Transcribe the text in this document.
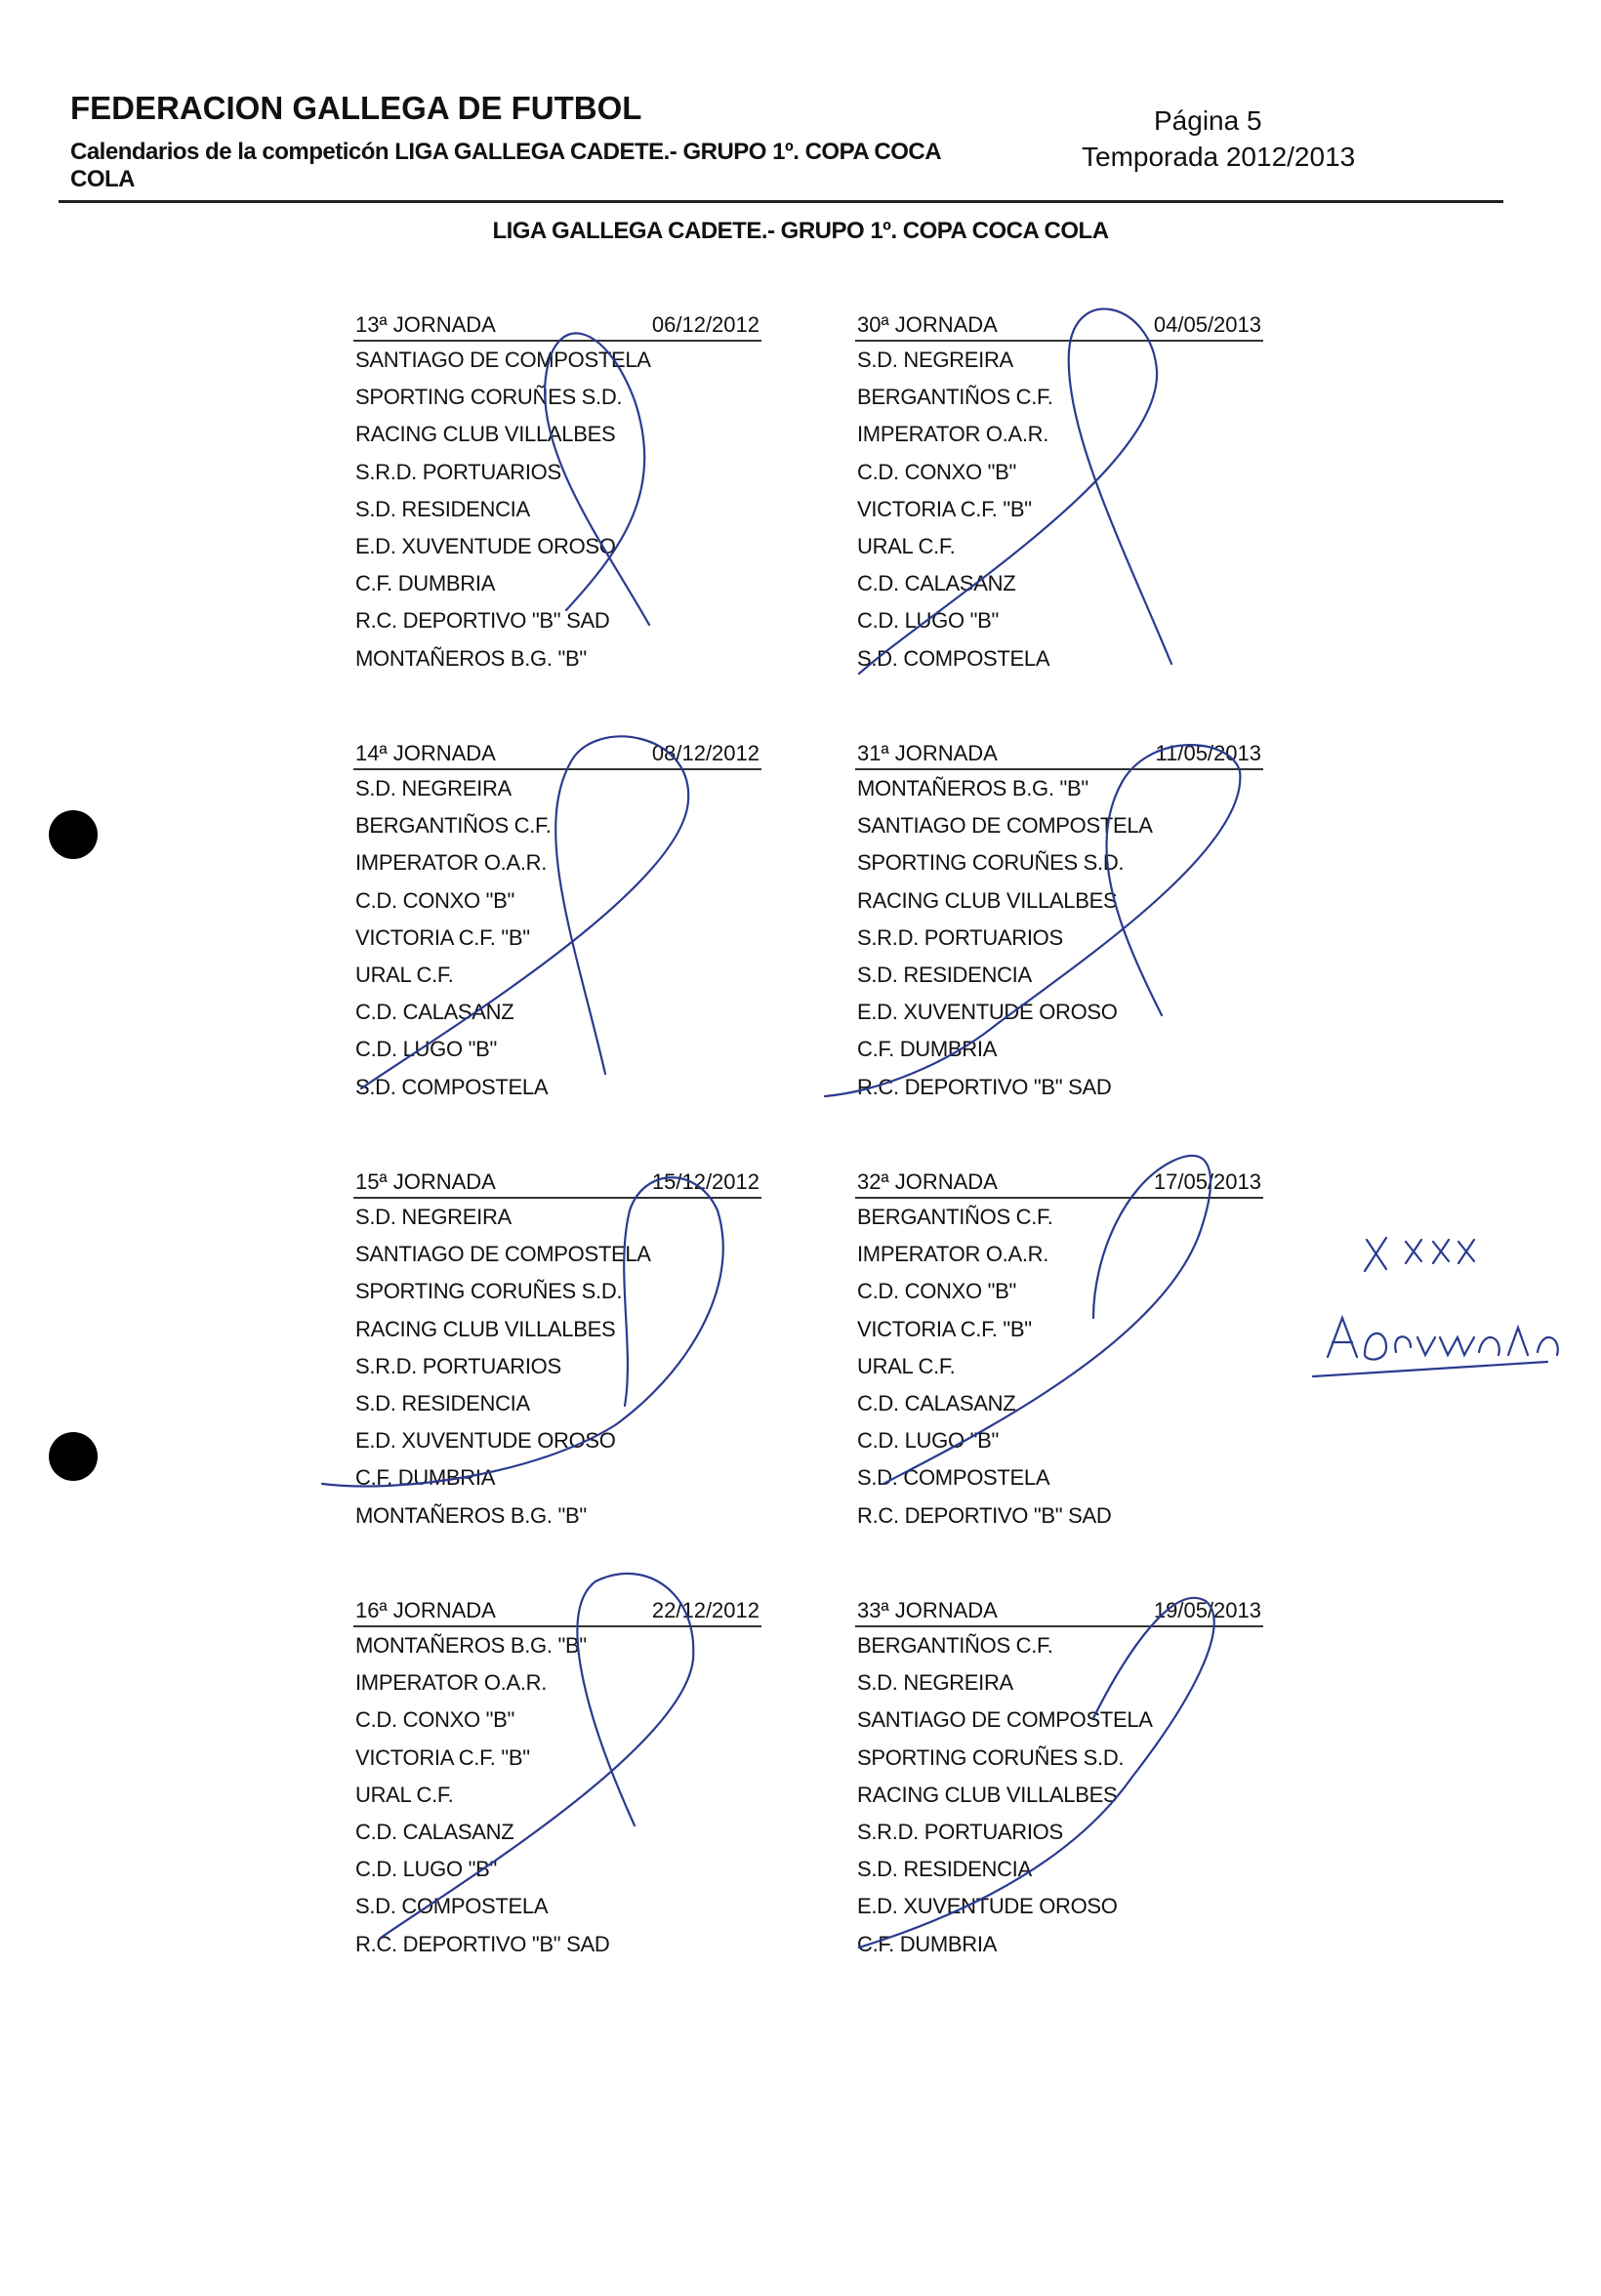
FEDERACION GALLEGA DE FUTBOL
Calendarios de la competicón LIGA GALLEGA CADETE.- GRUPO 1º. COPA COCA COLA
Página 5
Temporada 2012/2013
LIGA GALLEGA CADETE.- GRUPO 1º. COPA COCA COLA
13ª JORNADA	06/12/2012
SANTIAGO DE COMPOSTELA
SPORTING CORUÑES S.D.
RACING CLUB VILLALBES
S.R.D. PORTUARIOS
S.D. RESIDENCIA
E.D. XUVENTUDE OROSO
C.F. DUMBRIA
R.C. DEPORTIVO "B" SAD
MONTAÑEROS B.G. "B"
30ª JORNADA	04/05/2013
S.D. NEGREIRA
BERGANTIÑOS C.F.
IMPERATOR O.A.R.
C.D. CONXO "B"
VICTORIA C.F. "B"
URAL C.F.
C.D. CALASANZ
C.D. LUGO "B"
S.D. COMPOSTELA
14ª JORNADA	08/12/2012
S.D. NEGREIRA
BERGANTIÑOS C.F.
IMPERATOR O.A.R.
C.D. CONXO "B"
VICTORIA C.F. "B"
URAL C.F.
C.D. CALASANZ
C.D. LUGO "B"
S.D. COMPOSTELA
31ª JORNADA	11/05/2013
MONTAÑEROS B.G. "B"
SANTIAGO DE COMPOSTELA
SPORTING CORUÑES S.D.
RACING CLUB VILLALBES
S.R.D. PORTUARIOS
S.D. RESIDENCIA
E.D. XUVENTUDE OROSO
C.F. DUMBRIA
R.C. DEPORTIVO "B" SAD
15ª JORNADA	15/12/2012
S.D. NEGREIRA
SANTIAGO DE COMPOSTELA
SPORTING CORUÑES S.D.
RACING CLUB VILLALBES
S.R.D. PORTUARIOS
S.D. RESIDENCIA
E.D. XUVENTUDE OROSO
C.F. DUMBRIA
MONTAÑEROS B.G. "B"
32ª JORNADA	17/05/2013
BERGANTIÑOS C.F.
IMPERATOR O.A.R.
C.D. CONXO "B"
VICTORIA C.F. "B"
URAL C.F.
C.D. CALASANZ
C.D. LUGO "B"
S.D. COMPOSTELA
R.C. DEPORTIVO "B" SAD
16ª JORNADA	22/12/2012
MONTAÑEROS B.G. "B"
IMPERATOR O.A.R.
C.D. CONXO "B"
VICTORIA C.F. "B"
URAL C.F.
C.D. CALASANZ
C.D. LUGO "B"
S.D. COMPOSTELA
R.C. DEPORTIVO "B" SAD
33ª JORNADA	19/05/2013
BERGANTIÑOS C.F.
S.D. NEGREIRA
SANTIAGO DE COMPOSTELA
SPORTING CORUÑES S.D.
RACING CLUB VILLALBES
S.R.D. PORTUARIOS
S.D. RESIDENCIA
E.D. XUVENTUDE OROSO
C.F. DUMBRIA
X XXX
ADUANADA
